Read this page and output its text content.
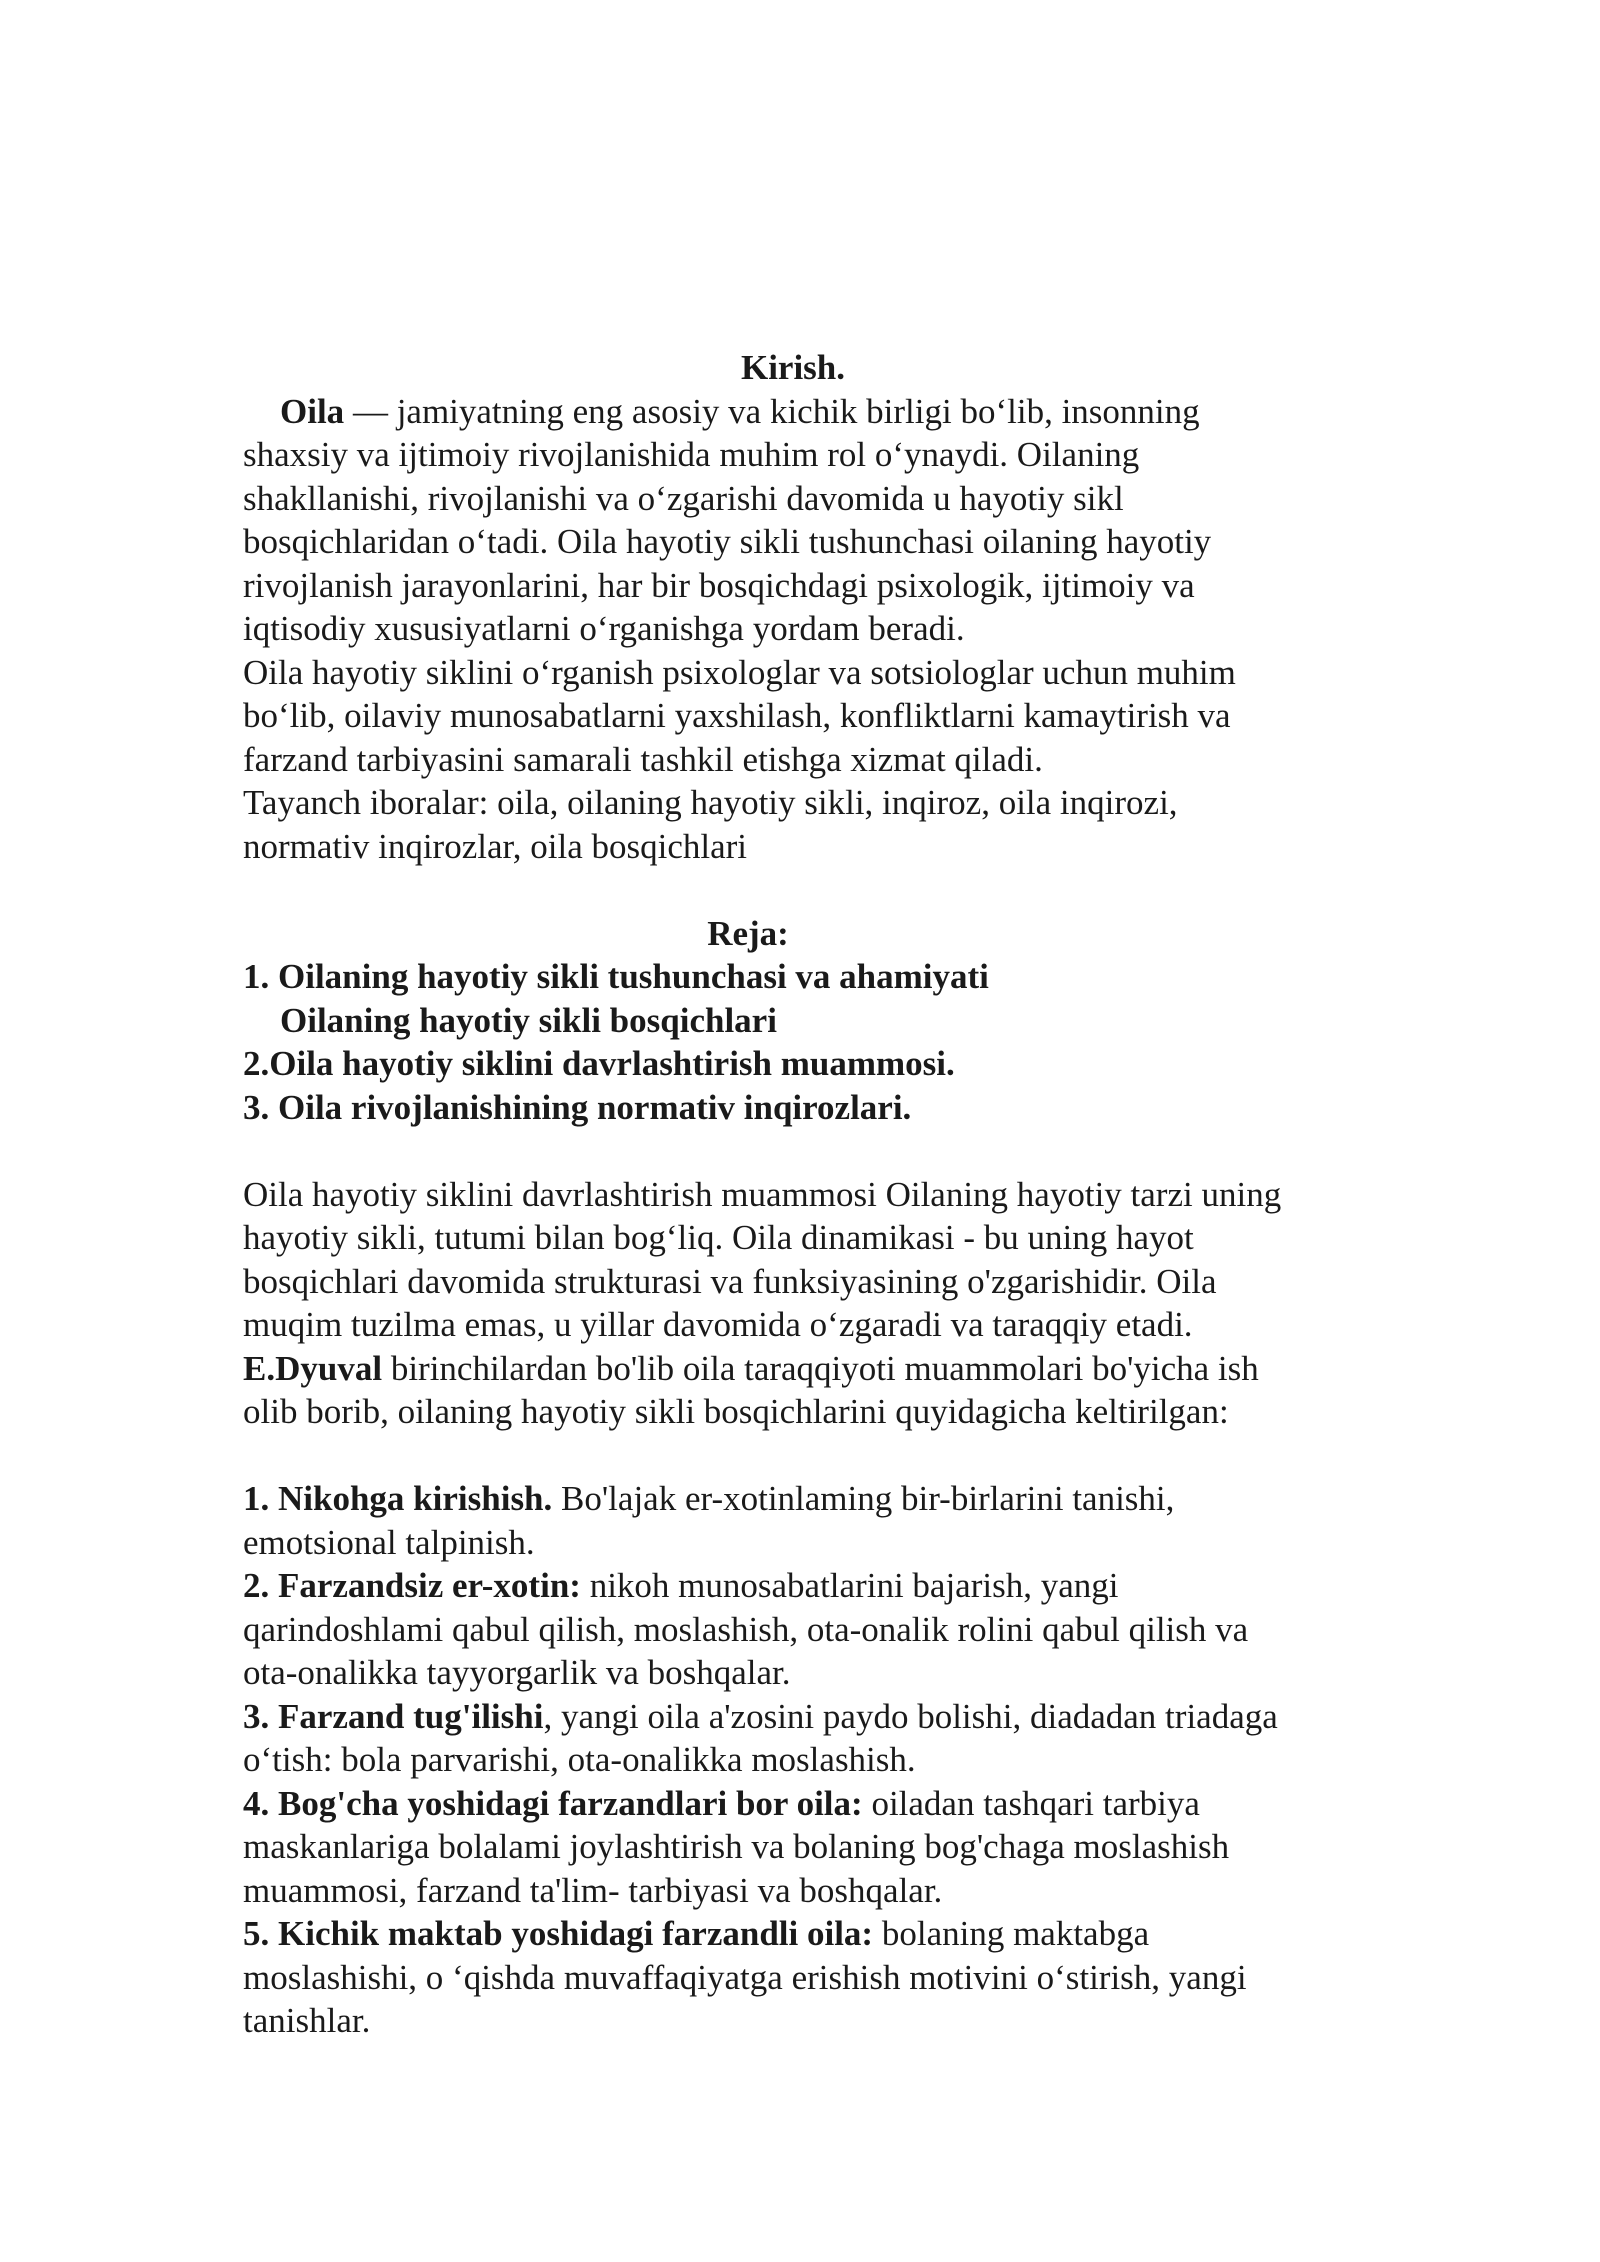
Kirish.
Oila — jamiyatning eng asosiy va kichik birligi bo‘lib, insonning
shaxsiy va ijtimoiy rivojlanishida muhim rol o‘ynaydi. Oilaning
shakllanishi, rivojlanishi va o‘zgarishi davomida u hayotiy sikl
bosqichlaridan o‘tadi. Oila hayotiy sikli tushunchasi oilaning hayotiy
rivojlanish jarayonlarini, har bir bosqichdagi psixologik, ijtimoiy va
iqtisodiy xususiyatlarni o‘rganishga yordam beradi.
Oila hayotiy siklini o‘rganish psixologlar va sotsiologlar uchun muhim
bo‘lib, oilaviy munosabatlarni yaxshilash, konfliktlarni kamaytirish va
farzand tarbiyasini samarali tashkil etishga xizmat qiladi.
Tayanch iboralar: oila, oilaning hayotiy sikli, inqiroz, oila inqirozi,
normativ inqirozlar, oila bosqichlari
Reja:
1. Oilaning hayotiy sikli tushunchasi va ahamiyati
Oilaning hayotiy sikli bosqichlari
2.Oila hayotiy siklini davrlashtirish muammosi.
3. Oila rivojlanishining normativ inqirozlari.
Oila hayotiy siklini davrlashtirish muammosi Oilaning hayotiy tarzi uning
hayotiy sikli, tutumi bilan bog‘liq. Oila dinamikasi - bu uning hayot
bosqichlari davomida strukturasi va funksiyasining o'zgarishidir. Oila
muqim tuzilma emas, u yillar davomida o‘zgaradi va taraqqiy etadi.
E.Dyuval birinchilardan bo'lib oila taraqqiyoti muammolari bo'yicha ish
olib borib, oilaning hayotiy sikli bosqichlarini quyidagicha keltirilgan:
1. Nikohga kirishish. Bo'lajak er-xotinlaming bir-birlarini tanishi,
emotsional talpinish.
2. Farzandsiz er-xotin: nikoh munosabatlarini bajarish, yangi
qarindoshlami qabul qilish, moslashish, ota-onalik rolini qabul qilish va
ota-onalikka tayyorgarlik va boshqalar.
3. Farzand tug'ilishi, yangi oila a'zosini paydo bolishi, diadadan triadaga
o‘tish: bola parvarishi, ota-onalikka moslashish.
4. Bog'cha yoshidagi farzandlari bor oila: oiladan tashqari tarbiya
maskanlariga bolalami joylashtirish va bolaning bog'chaga moslashish
muammosi, farzand ta'lim- tarbiyasi va boshqalar.
5. Kichik maktab yoshidagi farzandli oila: bolaning maktabga
moslashishi, o ‘qishda muvaffaqiyatga erishish motivini o‘stirish, yangi
tanishlar.
